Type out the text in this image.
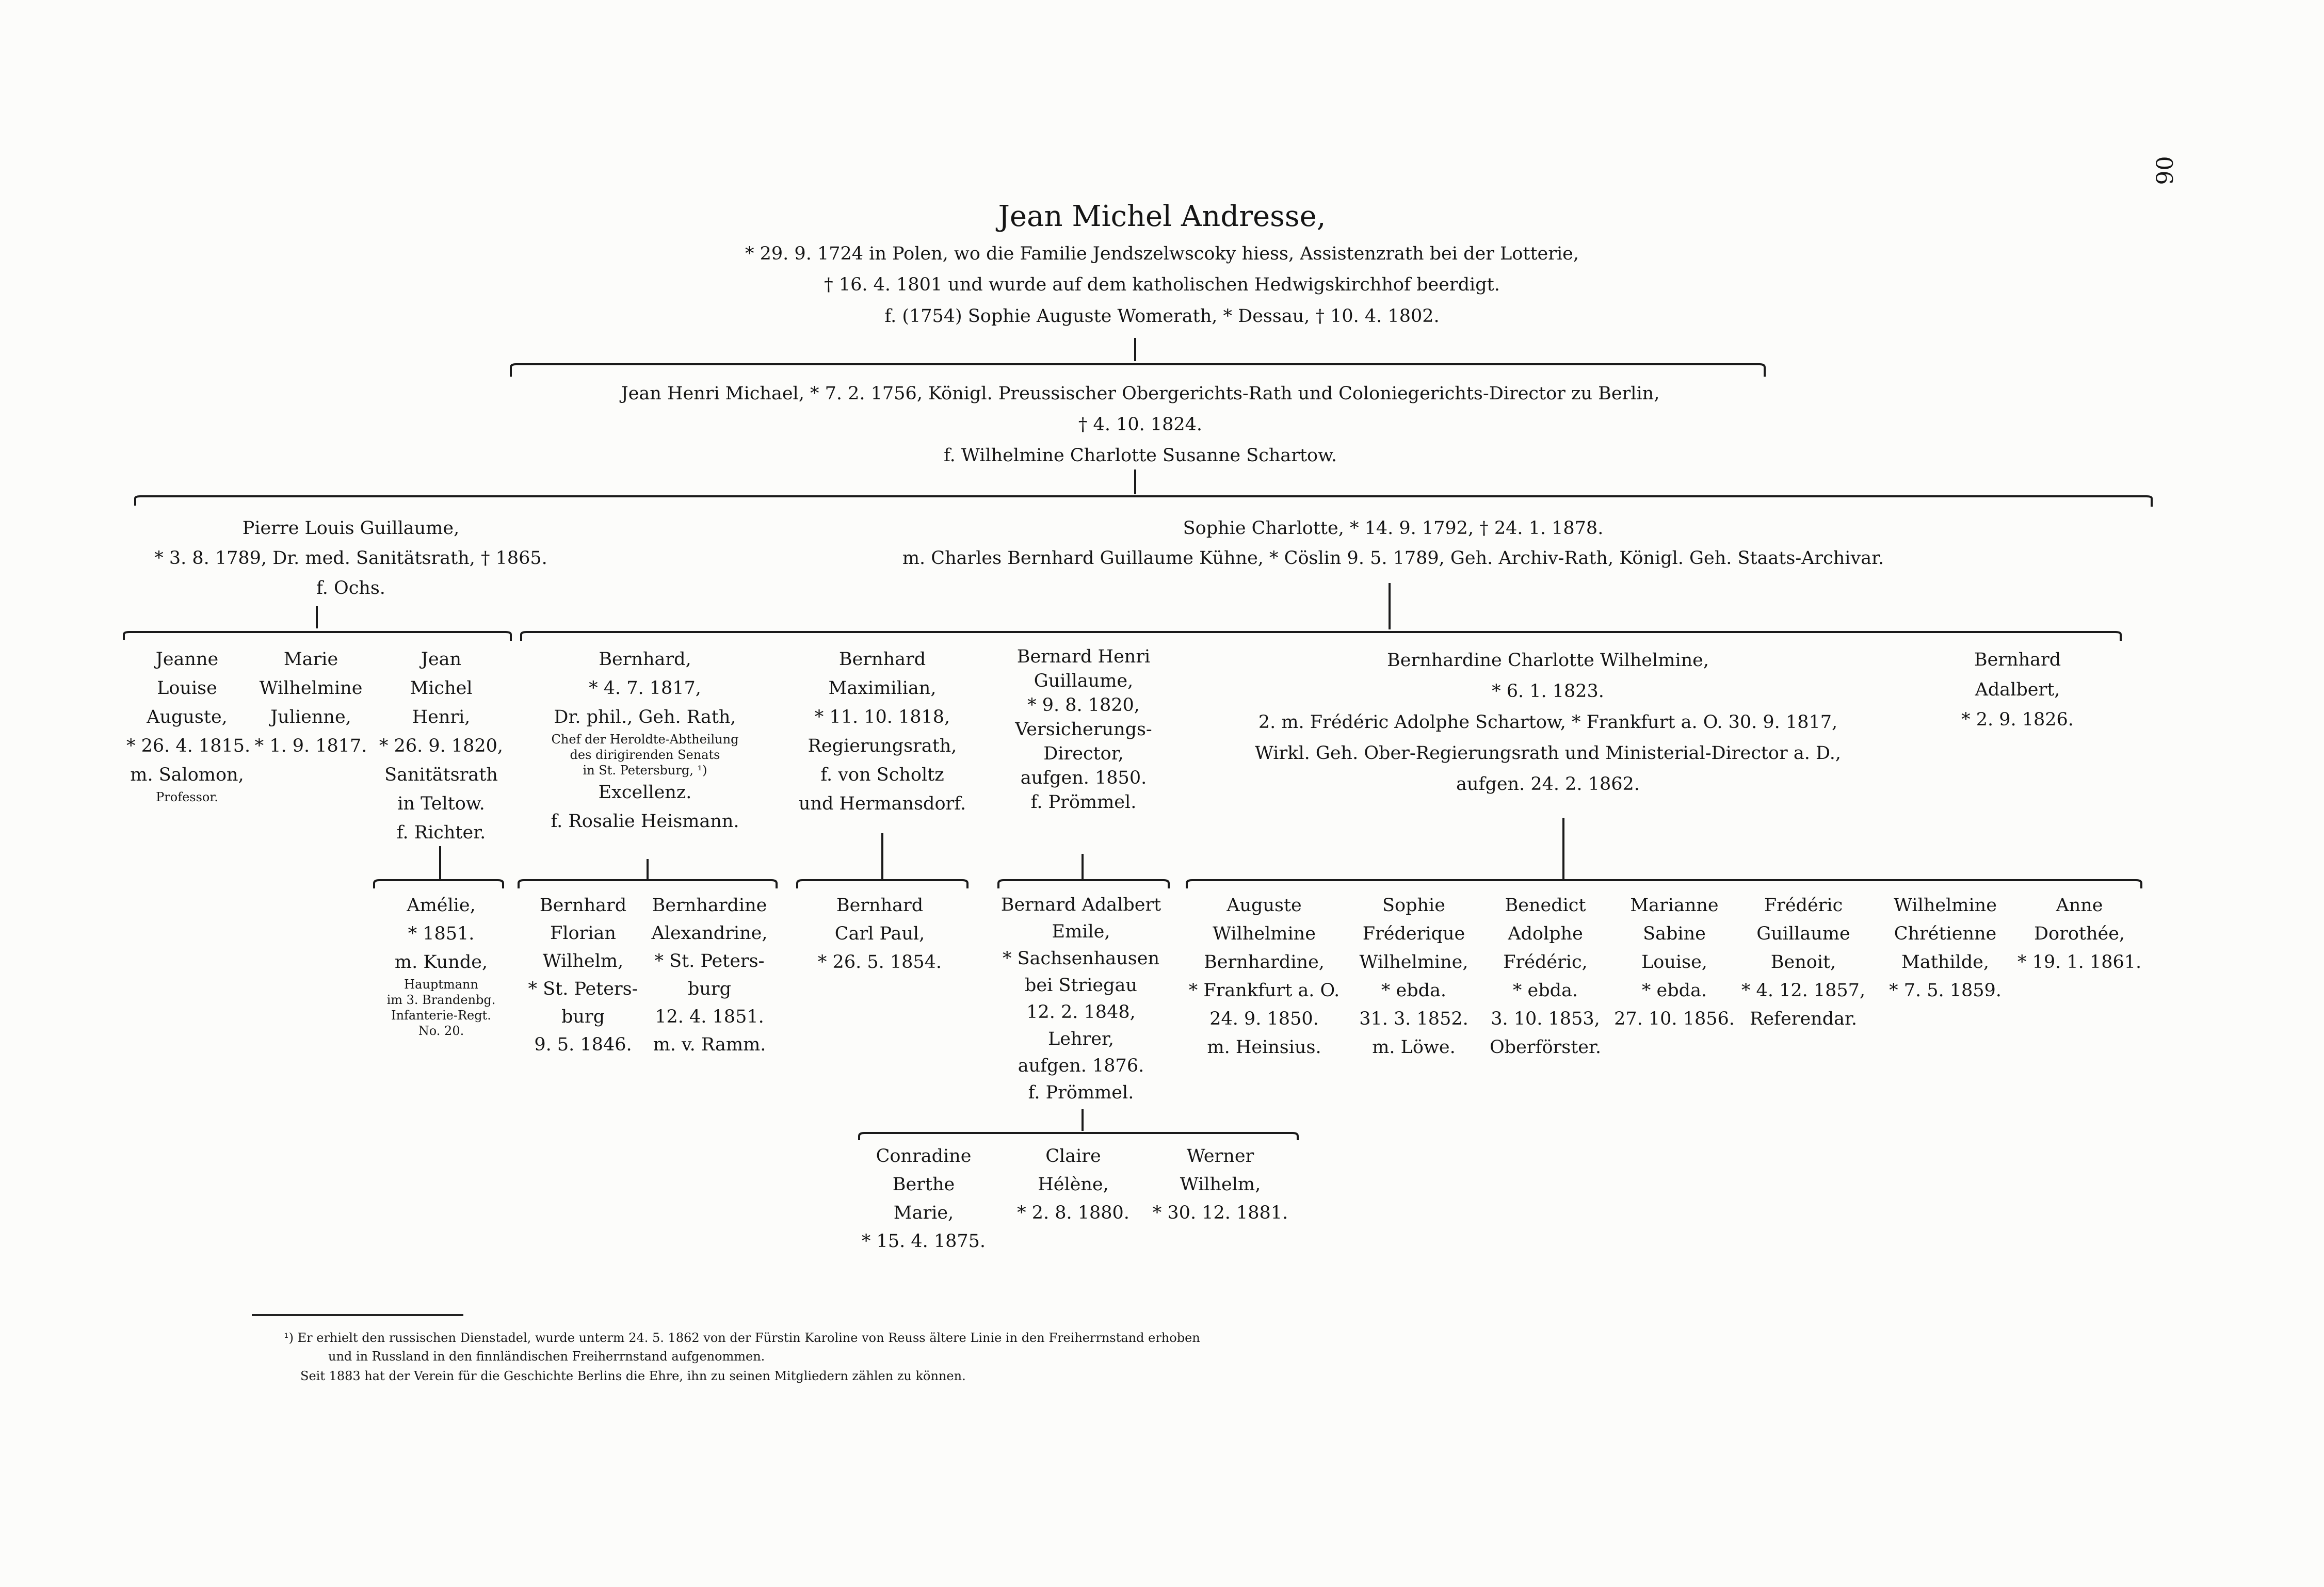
06
Jean Michel Andresse,
* 29. 9. 1724 in Polen, wo die Familie Jendszelwscoky hiess, Assistenzrath bei der Lotterie,
† 16. 4. 1801 und wurde auf dem katholischen Hedwigskirchhof beerdigt.
f. (1754) Sophie Auguste Womerath, * Dessau, † 10. 4. 1802.
Jean Henri Michael, * 7. 2. 1756, Königl. Preussischer Obergerichts-Rath und Coloniegerichts-Director zu Berlin,
† 4. 10. 1824.
f. Wilhelmine Charlotte Susanne Schartow.
Pierre Louis Guillaume,
* 3. 8. 1789, Dr. med. Sanitätsrath, † 1865.
f. Ochs.
Sophie Charlotte, * 14. 9. 1792, † 24. 1. 1878.
m. Charles Bernhard Guillaume Kühne, * Cöslin 9. 5. 1789, Geh. Archiv-Rath, Königl. Geh. Staats-Archivar.
Jeanne
Louise
Auguste,
* 26. 4. 1815.
m. Salomon,
Professor.
Marie
Wilhelmine
Julienne,
* 1. 9. 1817.
Jean
Michel
Henri,
* 26. 9. 1820,
Sanitätsrath
in Teltow.
f. Richter.
Bernhard,
* 4. 7. 1817,
Dr. phil., Geh. Rath,
Chef der Heroldte-Abtheilung
des dirigirenden Senats
in St. Petersburg, ¹)
Excellenz.
f. Rosalie Heismann.
Bernhard
Maximilian,
* 11. 10. 1818,
Regierungsrath,
f. von Scholtz
und Hermansdorf.
Bernard Henri
Guillaume,
* 9. 8. 1820,
Versicherungs-
Director,
aufgen. 1850.
f. Prömmel.
Bernhardine Charlotte Wilhelmine,
* 6. 1. 1823.
2. m. Frédéric Adolphe Schartow, * Frankfurt a. O. 30. 9. 1817,
Wirkl. Geh. Ober-Regierungsrath und Ministerial-Director a. D.,
aufgen. 24. 2. 1862.
Bernhard
Adalbert,
* 2. 9. 1826.
Amélie,
* 1851.
m. Kunde,
Hauptmann
im 3. Brandenbg.
Infanterie-Regt.
No. 20.
Bernhard
Florian
Wilhelm,
* St. Peters-
burg
9. 5. 1846.
Bernhardine
Alexandrine,
* St. Peters-
burg
12. 4. 1851.
m. v. Ramm.
Bernhard
Carl Paul,
* 26. 5. 1854.
Bernard Adalbert
Emile,
* Sachsenhausen
bei Striegau
12. 2. 1848,
Lehrer,
aufgen. 1876.
f. Prömmel.
Auguste
Wilhelmine
Bernhardine,
* Frankfurt a. O.
24. 9. 1850.
m. Heinsius.
Sophie
Fréderique
Wilhelmine,
* ebda.
31. 3. 1852.
m. Löwe.
Benedict
Adolphe
Frédéric,
* ebda.
3. 10. 1853,
Oberförster.
Marianne
Sabine
Louise,
* ebda.
27. 10. 1856.
Frédéric
Guillaume
Benoit,
* 4. 12. 1857,
Referendar.
Wilhelmine
Chrétienne
Mathilde,
* 7. 5. 1859.
Anne
Dorothée,
* 19. 1. 1861.
Conradine
Berthe
Marie,
* 15. 4. 1875.
Claire
Hélène,
* 2. 8. 1880.
Werner
Wilhelm,
* 30. 12. 1881.
¹) Er erhielt den russischen Dienstadel, wurde unterm 24. 5. 1862 von der Fürstin Karoline von Reuss ältere Linie in den Freiherrnstand erhoben
und in Russland in den finnländischen Freiherrnstand aufgenommen.
Seit 1883 hat der Verein für die Geschichte Berlins die Ehre, ihn zu seinen Mitgliedern zählen zu können.
